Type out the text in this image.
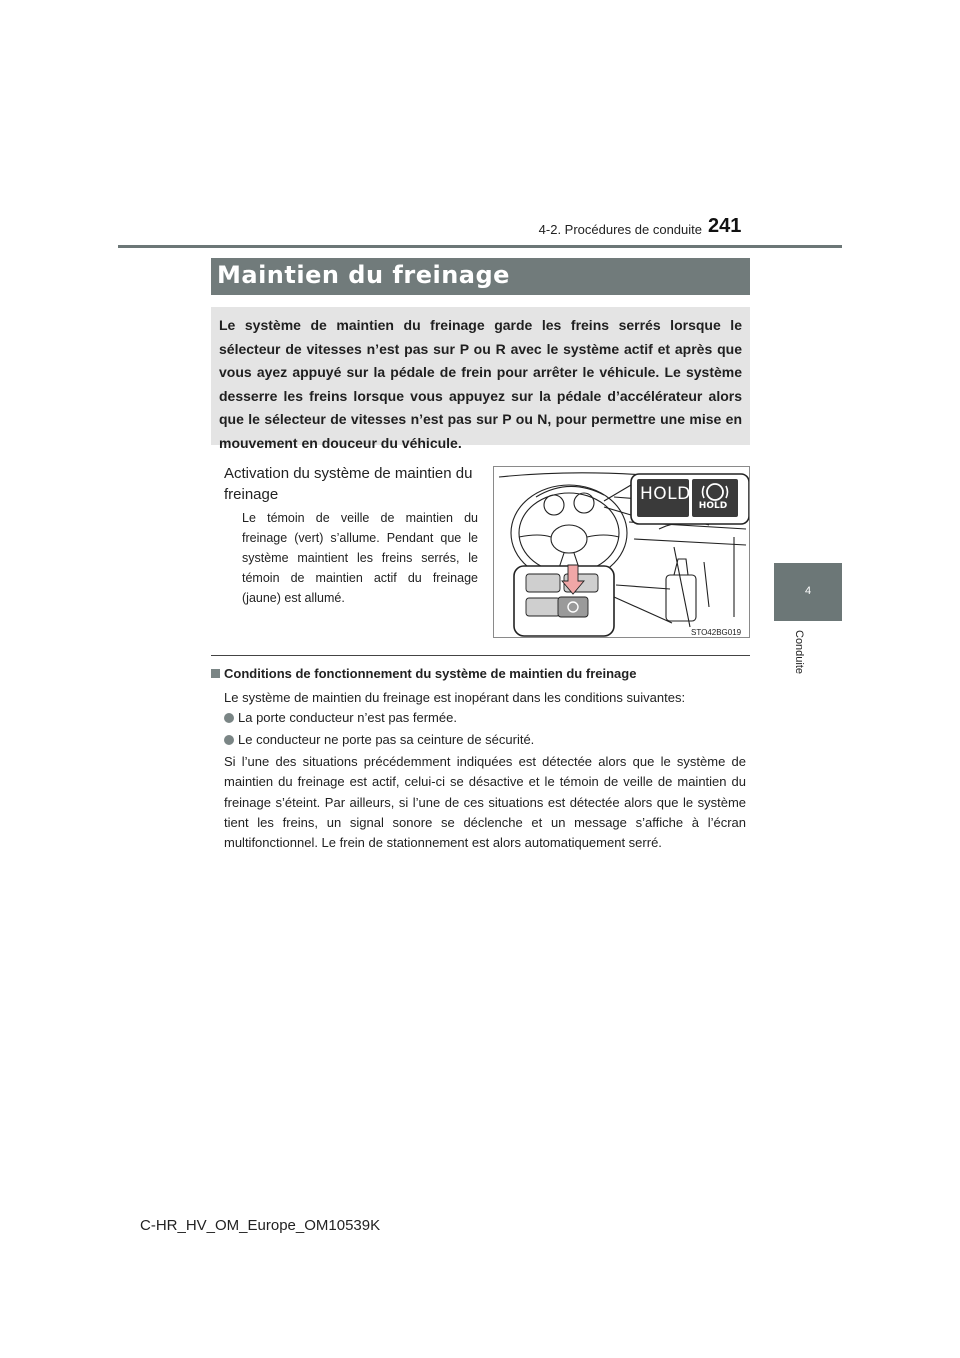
4-2. Procédures de conduite 241
4
Conduite
Maintien du freinage

Le système de maintien du freinage garde les freins serrés lorsque le sélecteur de vitesses n’est pas sur P ou R avec le système actif et après que vous ayez appuyé sur la pédale de frein pour arrêter le véhicule. Le système desserre les freins lorsque vous appuyez sur la pédale d’accélérateur alors que le sélecteur de vitesses n’est pas sur P ou N, pour permettre une mise en mouvement en douceur du véhicule.

Activation du système de maintien du freinage

Le témoin de veille de maintien du freinage (vert) s’allume. Pendant que le système maintient les freins serrés, le témoin de maintien actif du freinage (jaune) est allumé.

STO42BG019
HOLD
HOLD

Conditions de fonctionnement du système de maintien du freinage

Le système de maintien du freinage est inopérant dans les conditions suivantes:

La porte conducteur n’est pas fermée.

Le conducteur ne porte pas sa ceinture de sécurité.

Si l’une des situations précédemment indiquées est détectée alors que le système de maintien du freinage est actif, celui-ci se désactive et le témoin de veille de maintien du freinage s’éteint. Par ailleurs, si l’une de ces situations est détectée alors que le système tient les freins, un signal sonore se déclenche et un message s’affiche à l’écran multifonctionnel. Le frein de stationnement est alors automatiquement serré.

C-HR_HV_OM_Europe_OM10539K
